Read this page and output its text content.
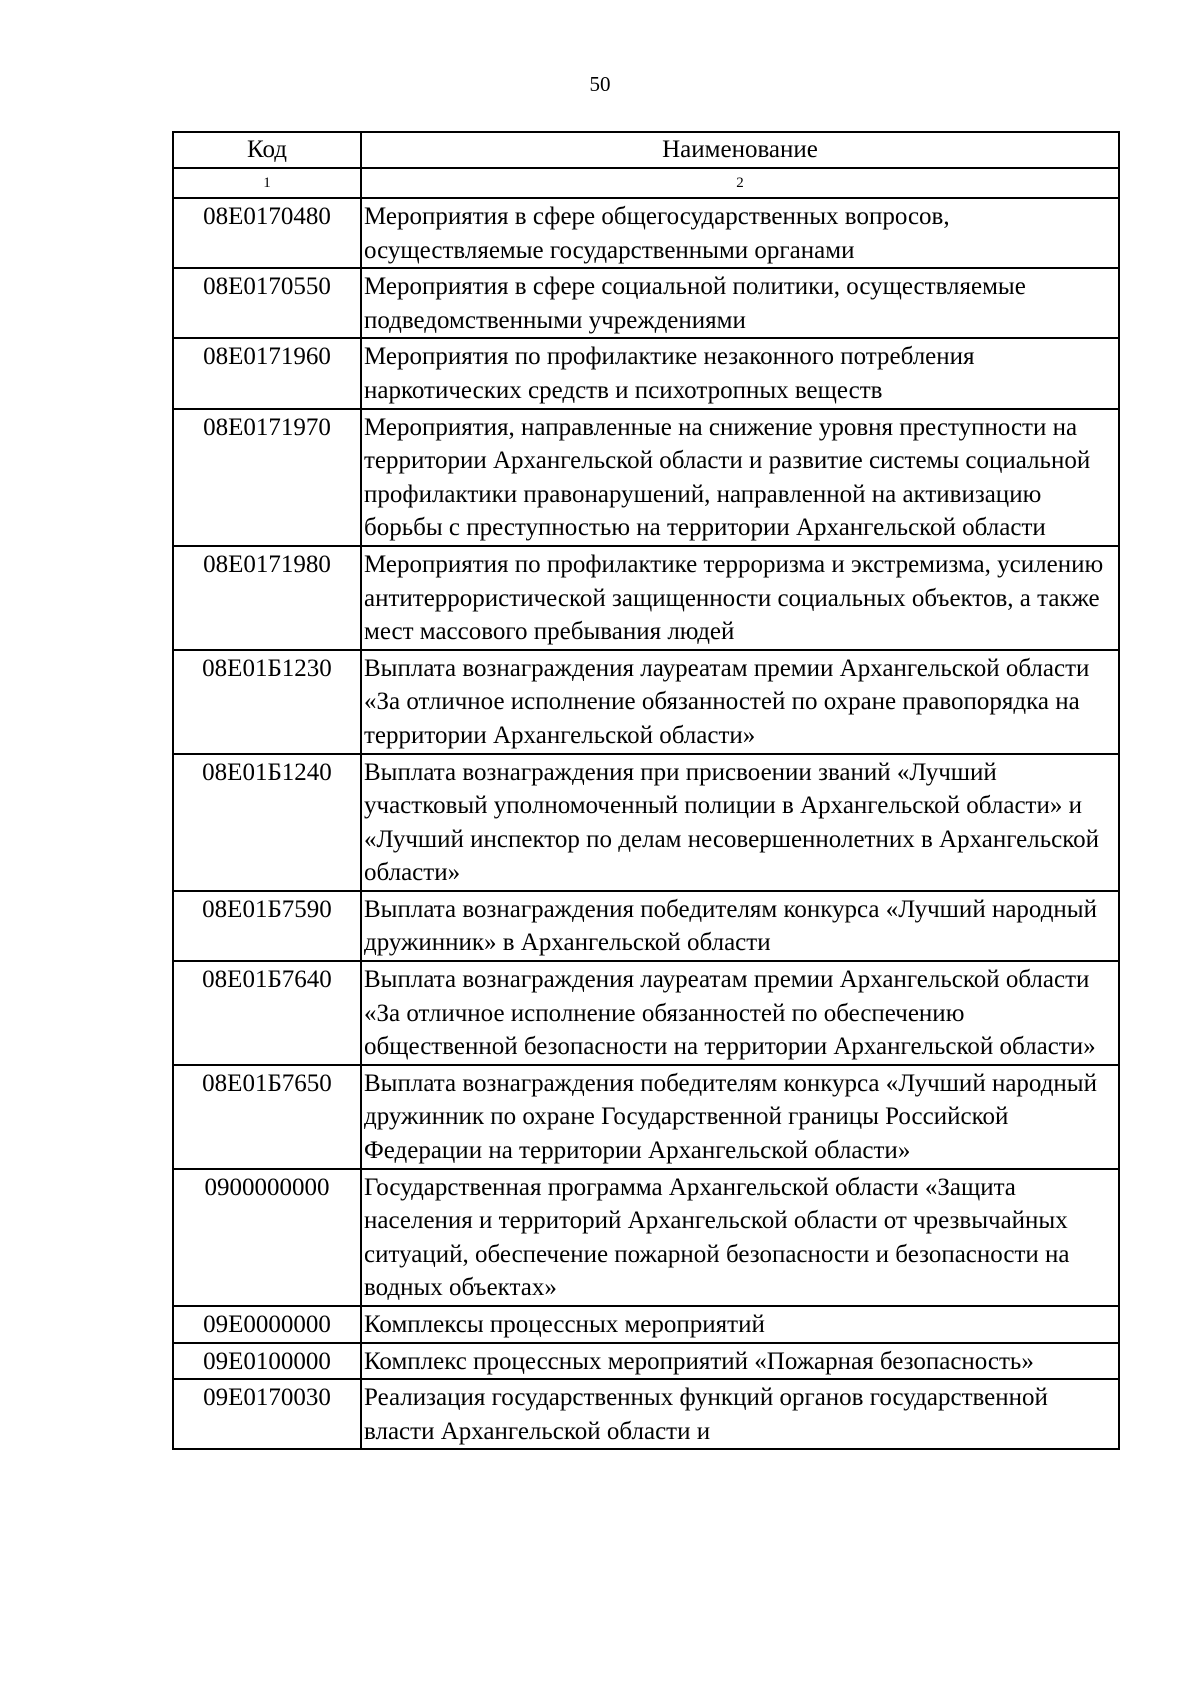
50
Код	Наименование
1	2
08Е0170480	Мероприятия в сфере общегосударственных вопросов, осуществляемые государственными органами
08Е0170550	Мероприятия в сфере социальной политики, осуществляемые подведомственными учреждениями
08Е0171960	Мероприятия по профилактике незаконного потребления наркотических средств и психотропных веществ
08Е0171970	Мероприятия, направленные на снижение уровня преступности на территории Архангельской области и развитие системы социальной профилактики правонарушений, направленной на активизацию борьбы с преступностью на территории Архангельской области
08Е0171980	Мероприятия по профилактике терроризма и экстремизма, усилению антитеррористической защищенности социальных объектов, а также мест массового пребывания людей
08Е01Б1230	Выплата вознаграждения лауреатам премии Архангельской области «За отличное исполнение обязанностей по охране правопорядка на территории Архангельской области»
08Е01Б1240	Выплата вознаграждения при присвоении званий «Лучший участковый уполномоченный полиции в Архангельской области» и «Лучший инспектор по делам несовершеннолетних в Архангельской области»
08Е01Б7590	Выплата вознаграждения победителям конкурса «Лучший народный дружинник» в Архангельской области
08Е01Б7640	Выплата вознаграждения лауреатам премии Архангельской области «За отличное исполнение обязанностей по обеспечению общественной безопасности на территории Архангельской области»
08Е01Б7650	Выплата вознаграждения победителям конкурса «Лучший народный дружинник по охране Государственной границы Российской Федерации на территории Архангельской области»
0900000000	Государственная программа Архангельской области «Защита населения и территорий Архангельской области от чрезвычайных ситуаций, обеспечение пожарной безопасности и безопасности на водных объектах»
09Е0000000	Комплексы процессных мероприятий
09Е0100000	Комплекс процессных мероприятий «Пожарная безопасность»
09Е0170030	Реализация государственных функций органов государственной власти Архангельской области и
